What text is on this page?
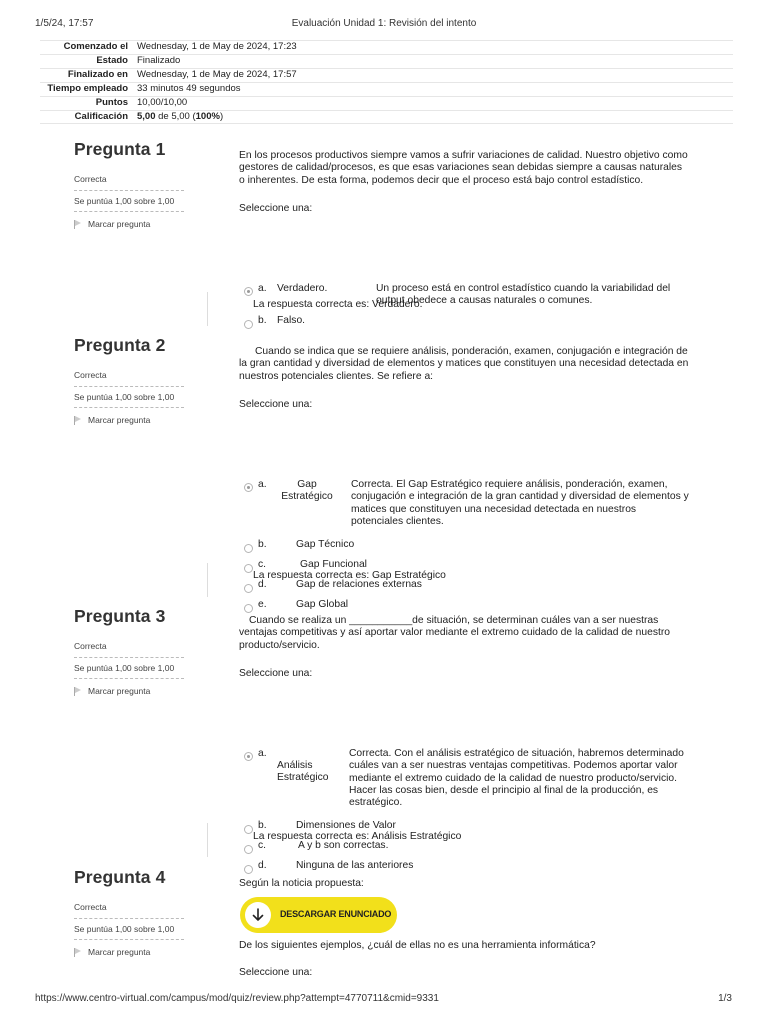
1/5/24, 17:57	Evaluación Unidad 1: Revisión del intento
Comenzado el	Wednesday, 1 de May de 2024, 17:23
Estado	Finalizado
Finalizado en	Wednesday, 1 de May de 2024, 17:57
Tiempo empleado	33 minutos 49 segundos
Puntos	10,00/10,00
Calificación	5,00 de 5,00 (100%)
Pregunta 1
Correcta
Se puntúa 1,00 sobre 1,00
Marcar pregunta

En los procesos productivos siempre vamos a sufrir variaciones de calidad. Nuestro objetivo como gestores de calidad/procesos, es que esas variaciones sean debidas siempre a causas naturales o inherentes. De esta forma, podemos decir que el proceso está bajo control estadístico.

Seleccione una:
a. Verdadero.	Un proceso está en control estadístico cuando la variabilidad del output obedece a causas naturales o comunes.
b. Falso.
La respuesta correcta es: Verdadero.
Pregunta 2
Correcta
Se puntúa 1,00 sobre 1,00
Marcar pregunta

Cuando se indica que se requiere análisis, ponderación, examen, conjugación e integración de la gran cantidad y diversidad de elementos y matices que constituyen una necesidad detectada en nuestros potenciales clientes. Se refiere a:

Seleccione una:
a.	Gap Estratégico
Correcta. El Gap Estratégico requiere análisis, ponderación, examen, conjugación e integración de la gran cantidad y diversidad de elementos y matices que constituyen una necesidad detectada en nuestros potenciales clientes.
b.	Gap Técnico
c.	Gap Funcional
d.	Gap de relaciones externas
e.	Gap Global
La respuesta correcta es: Gap Estratégico
Pregunta 3
Correcta
Se puntúa 1,00 sobre 1,00
Marcar pregunta

Cuando se realiza un ___________de situación, se determinan cuáles van a ser nuestras ventajas competitivas y así aportar valor mediante el extremo cuidado de la calidad de nuestro producto/servicio.

Seleccione una:
a.
Análisis Estratégico
Correcta. Con el análisis estratégico de situación, habremos determinado cuáles van a ser nuestras ventajas competitivas. Podemos aportar valor mediante el extremo cuidado de la calidad de nuestro producto/servicio. Hacer las cosas bien, desde el principio al final de la producción, es estratégico.
b.	Dimensiones de Valor
c.	A y b son correctas.
d.	Ninguna de las anteriores
La respuesta correcta es: Análisis Estratégico
Pregunta 4
Correcta
Se puntúa 1,00 sobre 1,00
Marcar pregunta
Según la noticia propuesta:
DESCARGAR ENUNCIADO
De los siguientes ejemplos, ¿cuál de ellas no es una herramienta informática?
Seleccione una:
https://www.centro-virtual.com/campus/mod/quiz/review.php?attempt=4770711&cmid=9331	1/3
